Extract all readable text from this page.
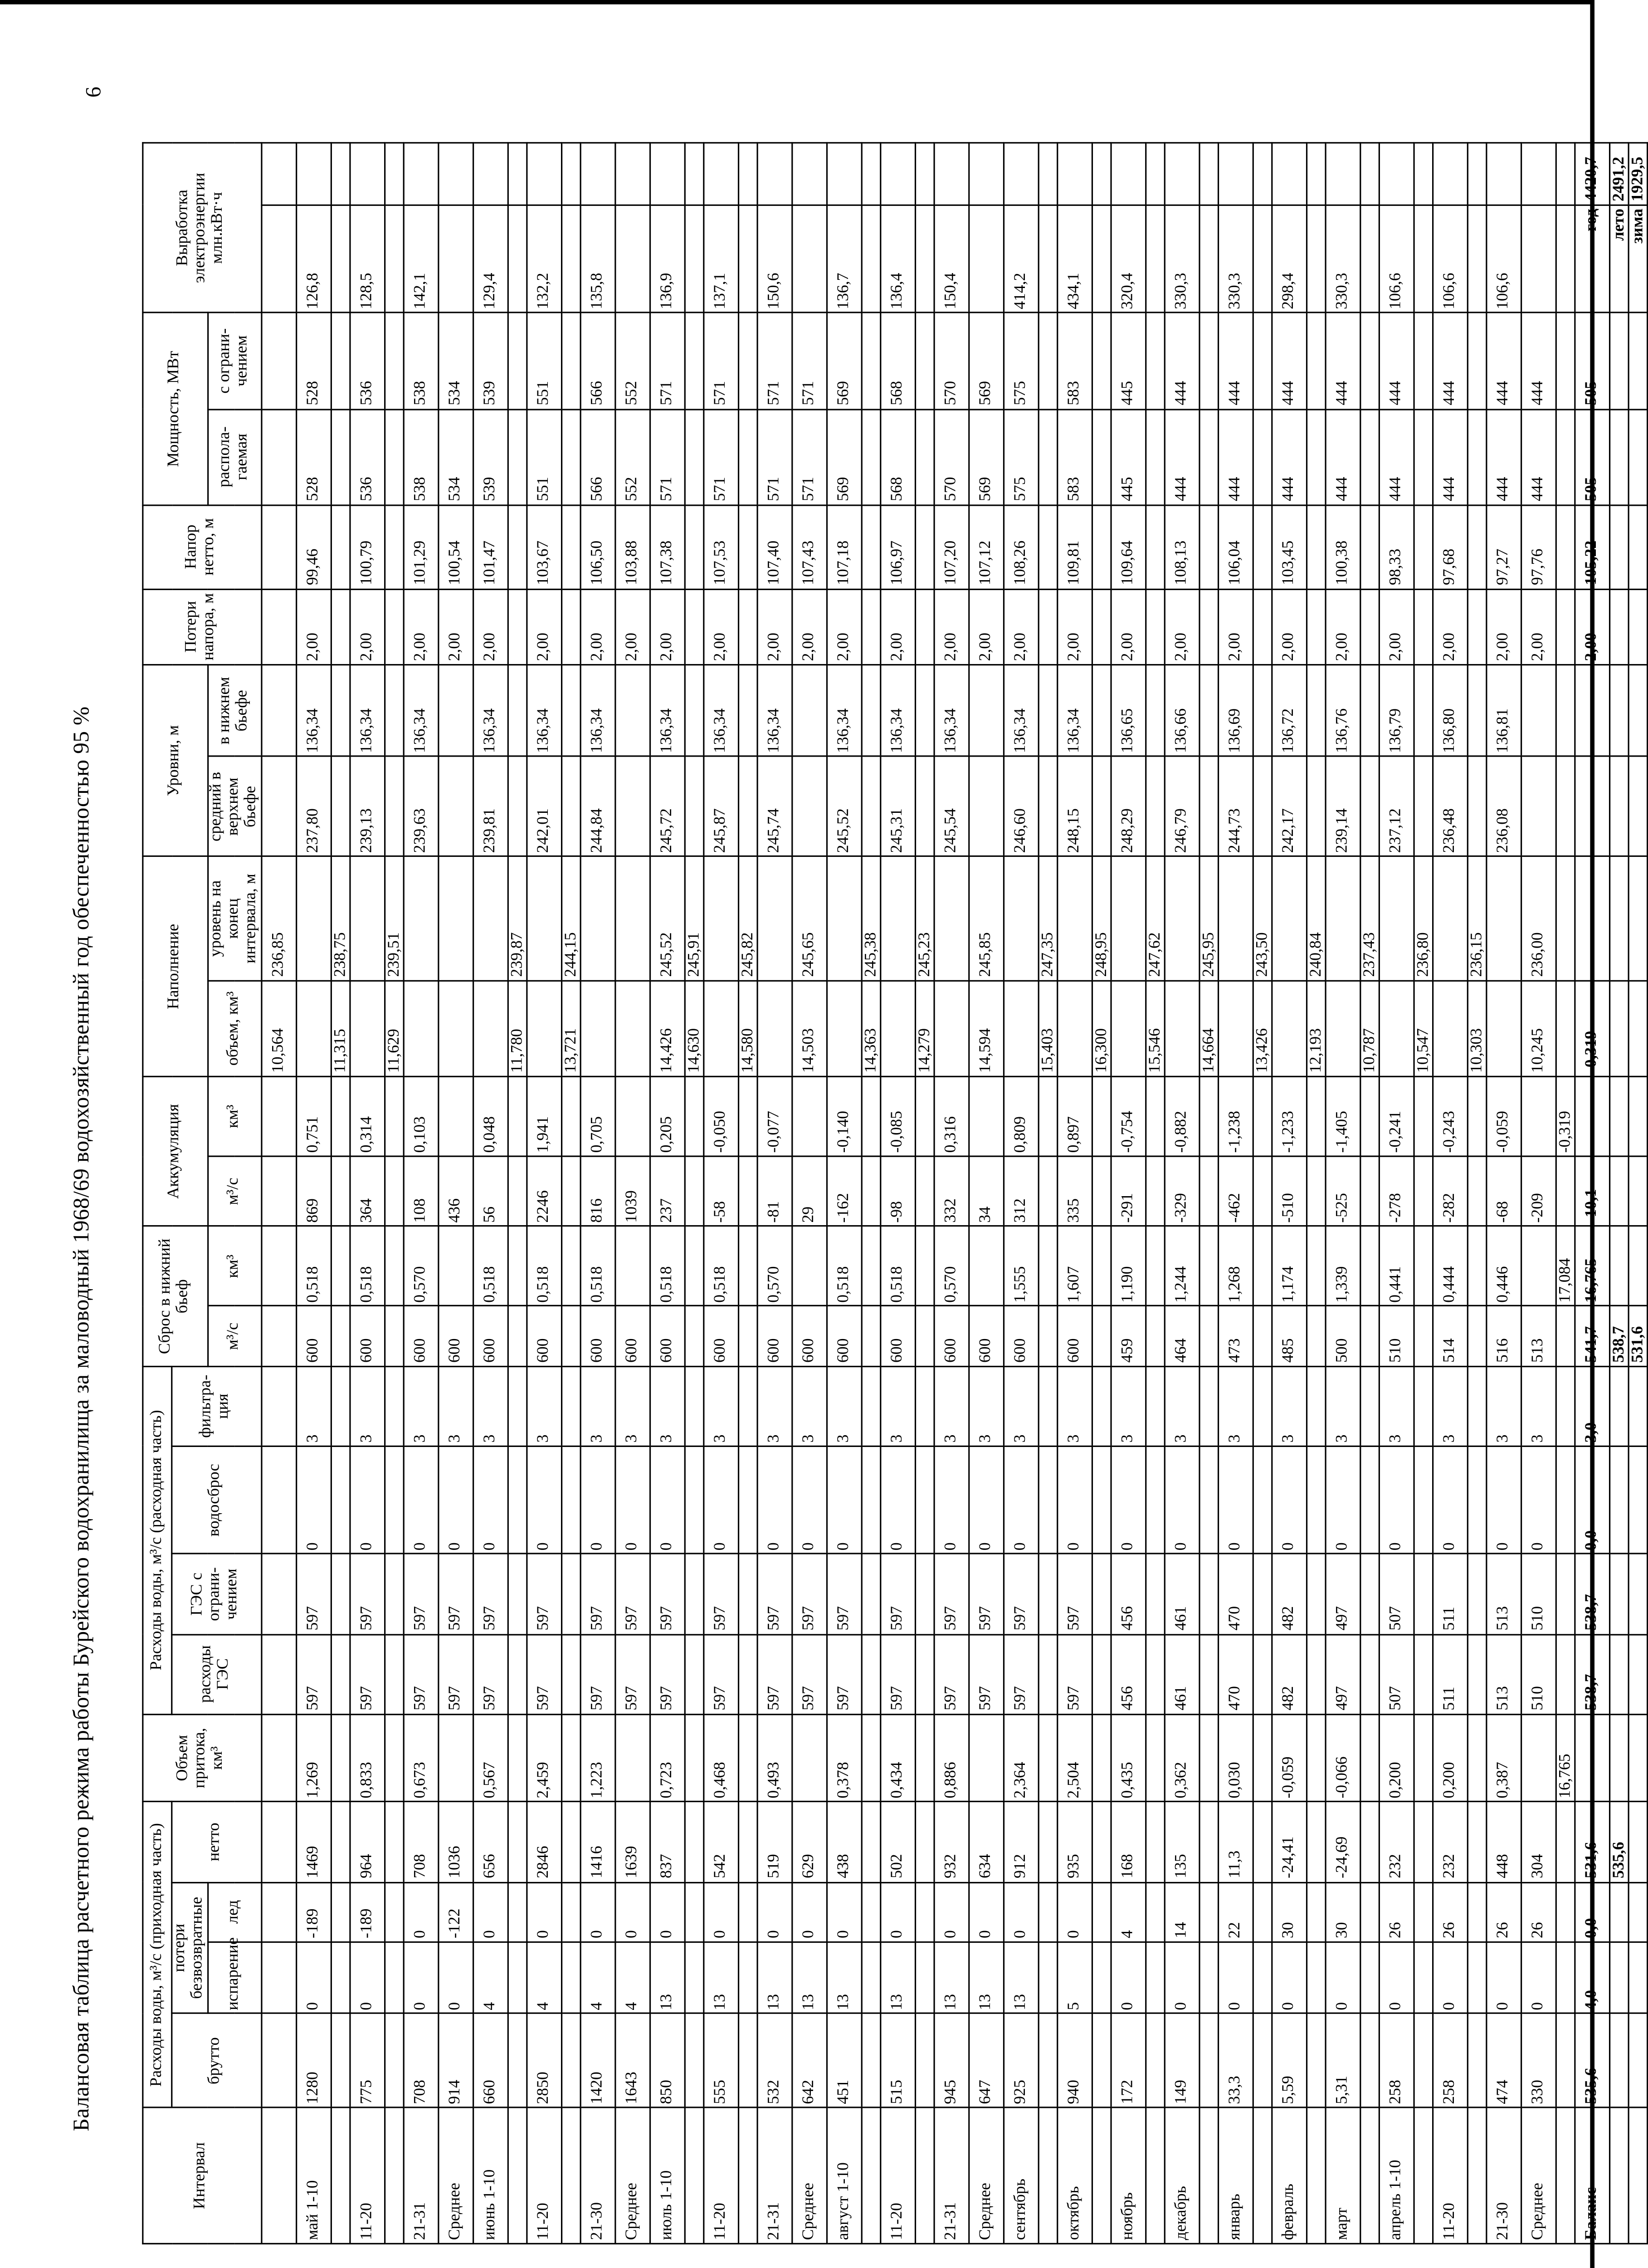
6
Балансовая таблица расчетного режима работы Бурейского водохранилища за маловодный 1968/69 водохозяйственный год обеспеченностью 95 %
Интервал	Расходы воды, м³/с (приходная часть)				Объем притока, км³	Расходы воды, м³/с (расходная часть)				Сброс в нижний бьеф		Аккумуляция		Наполнение		Уровни, м		Потери напора, м	Напор нетто, м	Мощность, МВт		Выработка электроэнергии млн.кВт·ч	
	брутто	потери безвозвратные		нетто		расходы ГЭС	ГЭС с ограни-чением	водосброс	фильтра-ция														
		испарение	лед							м³/с	км³	м³/с	км³	объем, км³	уровень на конец интервала, м	средний в верхнем бьефе	в нижнем бьефе			распола-гаемая	с ограни-чением		

														10,564	236,85								
май 1-10	1280	0	-189	1469	1,269	597	597	0	3	600	0,518	869	0,751			237,80	136,34	2,00	99,46	528	528	126,8	
														11,315	238,75								
11-20	775	0	-189	964	0,833	597	597	0	3	600	0,518	364	0,314			239,13	136,34	2,00	100,79	536	536	128,5	
														11,629	239,51								
21-31	708	0	0	708	0,673	597	597	0	3	600	0,570	108	0,103			239,63	136,34	2,00	101,29	538	538	142,1	
Среднее	914	0	-122	1036		597	597	0	3	600		436						2,00	100,54	534	534		
июнь 1-10	660	4	0	656	0,567	597	597	0	3	600	0,518	56	0,048			239,81	136,34	2,00	101,47	539	539	129,4	
														11,780	239,87								
11-20	2850	4	0	2846	2,459	597	597	0	3	600	0,518	2246	1,941			242,01	136,34	2,00	103,67	551	551	132,2	
														13,721	244,15								
21-30	1420	4	0	1416	1,223	597	597	0	3	600	0,518	816	0,705			244,84	136,34	2,00	106,50	566	566	135,8	
Среднее	1643	4	0	1639		597	597	0	3	600		1039						2,00	103,88	552	552		
июль 1-10	850	13	0	837	0,723	597	597	0	3	600	0,518	237	0,205	14,426	245,52	245,72	136,34	2,00	107,38	571	571	136,9	
														14,630	245,91								
11-20	555	13	0	542	0,468	597	597	0	3	600	0,518	-58	-0,050			245,87	136,34	2,00	107,53	571	571	137,1	
														14,580	245,82								
21-31	532	13	0	519	0,493	597	597	0	3	600	0,570	-81	-0,077			245,74	136,34	2,00	107,40	571	571	150,6	
Среднее	642	13	0	629		597	597	0	3	600		29		14,503	245,65			2,00	107,43	571	571		
август 1-10	451	13	0	438	0,378	597	597	0	3	600	0,518	-162	-0,140			245,52	136,34	2,00	107,18	569	569	136,7	
														14,363	245,38								
11-20	515	13	0	502	0,434	597	597	0	3	600	0,518	-98	-0,085			245,31	136,34	2,00	106,97	568	568	136,4	
														14,279	245,23								
21-31	945	13	0	932	0,886	597	597	0	3	600	0,570	332	0,316			245,54	136,34	2,00	107,20	570	570	150,4	
Среднее	647	13	0	634		597	597	0	3	600		34		14,594	245,85			2,00	107,12	569	569		
сентябрь	925	13	0	912	2,364	597	597	0	3	600	1,555	312	0,809			246,60	136,34	2,00	108,26	575	575	414,2	
														15,403	247,35								
октябрь	940	5	0	935	2,504	597	597	0	3	600	1,607	335	0,897			248,15	136,34	2,00	109,81	583	583	434,1	
														16,300	248,95								
ноябрь	172	0	4	168	0,435	456	456	0	3	459	1,190	-291	-0,754			248,29	136,65	2,00	109,64	445	445	320,4	
														15,546	247,62								
декабрь	149	0	14	135	0,362	461	461	0	3	464	1,244	-329	-0,882			246,79	136,66	2,00	108,13	444	444	330,3	
														14,664	245,95								
январь	33,3	0	22	11,3	0,030	470	470	0	3	473	1,268	-462	-1,238			244,73	136,69	2,00	106,04	444	444	330,3	
														13,426	243,50								
февраль	5,59	0	30	-24,41	-0,059	482	482	0	3	485	1,174	-510	-1,233			242,17	136,72	2,00	103,45	444	444	298,4	
														12,193	240,84								
март	5,31	0	30	-24,69	-0,066	497	497	0	3	500	1,339	-525	-1,405			239,14	136,76	2,00	100,38	444	444	330,3	
														10,787	237,43								
апрель 1-10	258	0	26	232	0,200	507	507	0	3	510	0,441	-278	-0,241			237,12	136,79	2,00	98,33	444	444	106,6	
														10,547	236,80								
11-20	258	0	26	232	0,200	511	511	0	3	514	0,444	-282	-0,243			236,48	136,80	2,00	97,68	444	444	106,6	
														10,303	236,15								
21-30	474	0	26	448	0,387	513	513	0	3	516	0,446	-68	-0,059			236,08	136,81	2,00	97,27	444	444	106,6	
Среднее	330	0	26	304		510	510	0	3	513		-209		10,245	236,00			2,00	97,76	444	444		
					16,765						17,084		-0,319										
Баланс	535,6	4,0	0,0	531,6		538,7	538,7	0,0	3,0	541,7	16,765	-10,1		-0,319				2,00	105,22	505	505	год	4420,7
				535,6						538,7												лето	2491,2
										531,6												зима	1929,5
